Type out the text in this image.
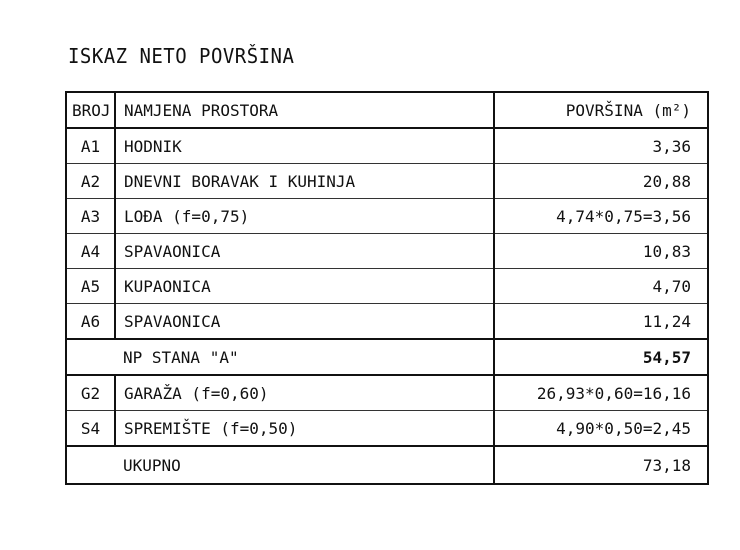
ISKAZ NETO POVRŠINA
BROJ	NAMJENA PROSTORA	POVRŠINA (m²)
A1	HODNIK	3,36
A2	DNEVNI BORAVAK I KUHINJA	20,88
A3	LOĐA (f=0,75)	4,74*0,75=3,56
A4	SPAVAONICA	10,83
A5	KUPAONICA	4,70
A6	SPAVAONICA	11,24
	NP STANA "A"	54,57
G2	GARAŽA (f=0,60)	26,93*0,60=16,16
S4	SPREMIŠTE (f=0,50)	4,90*0,50=2,45
	UKUPNO	73,18
